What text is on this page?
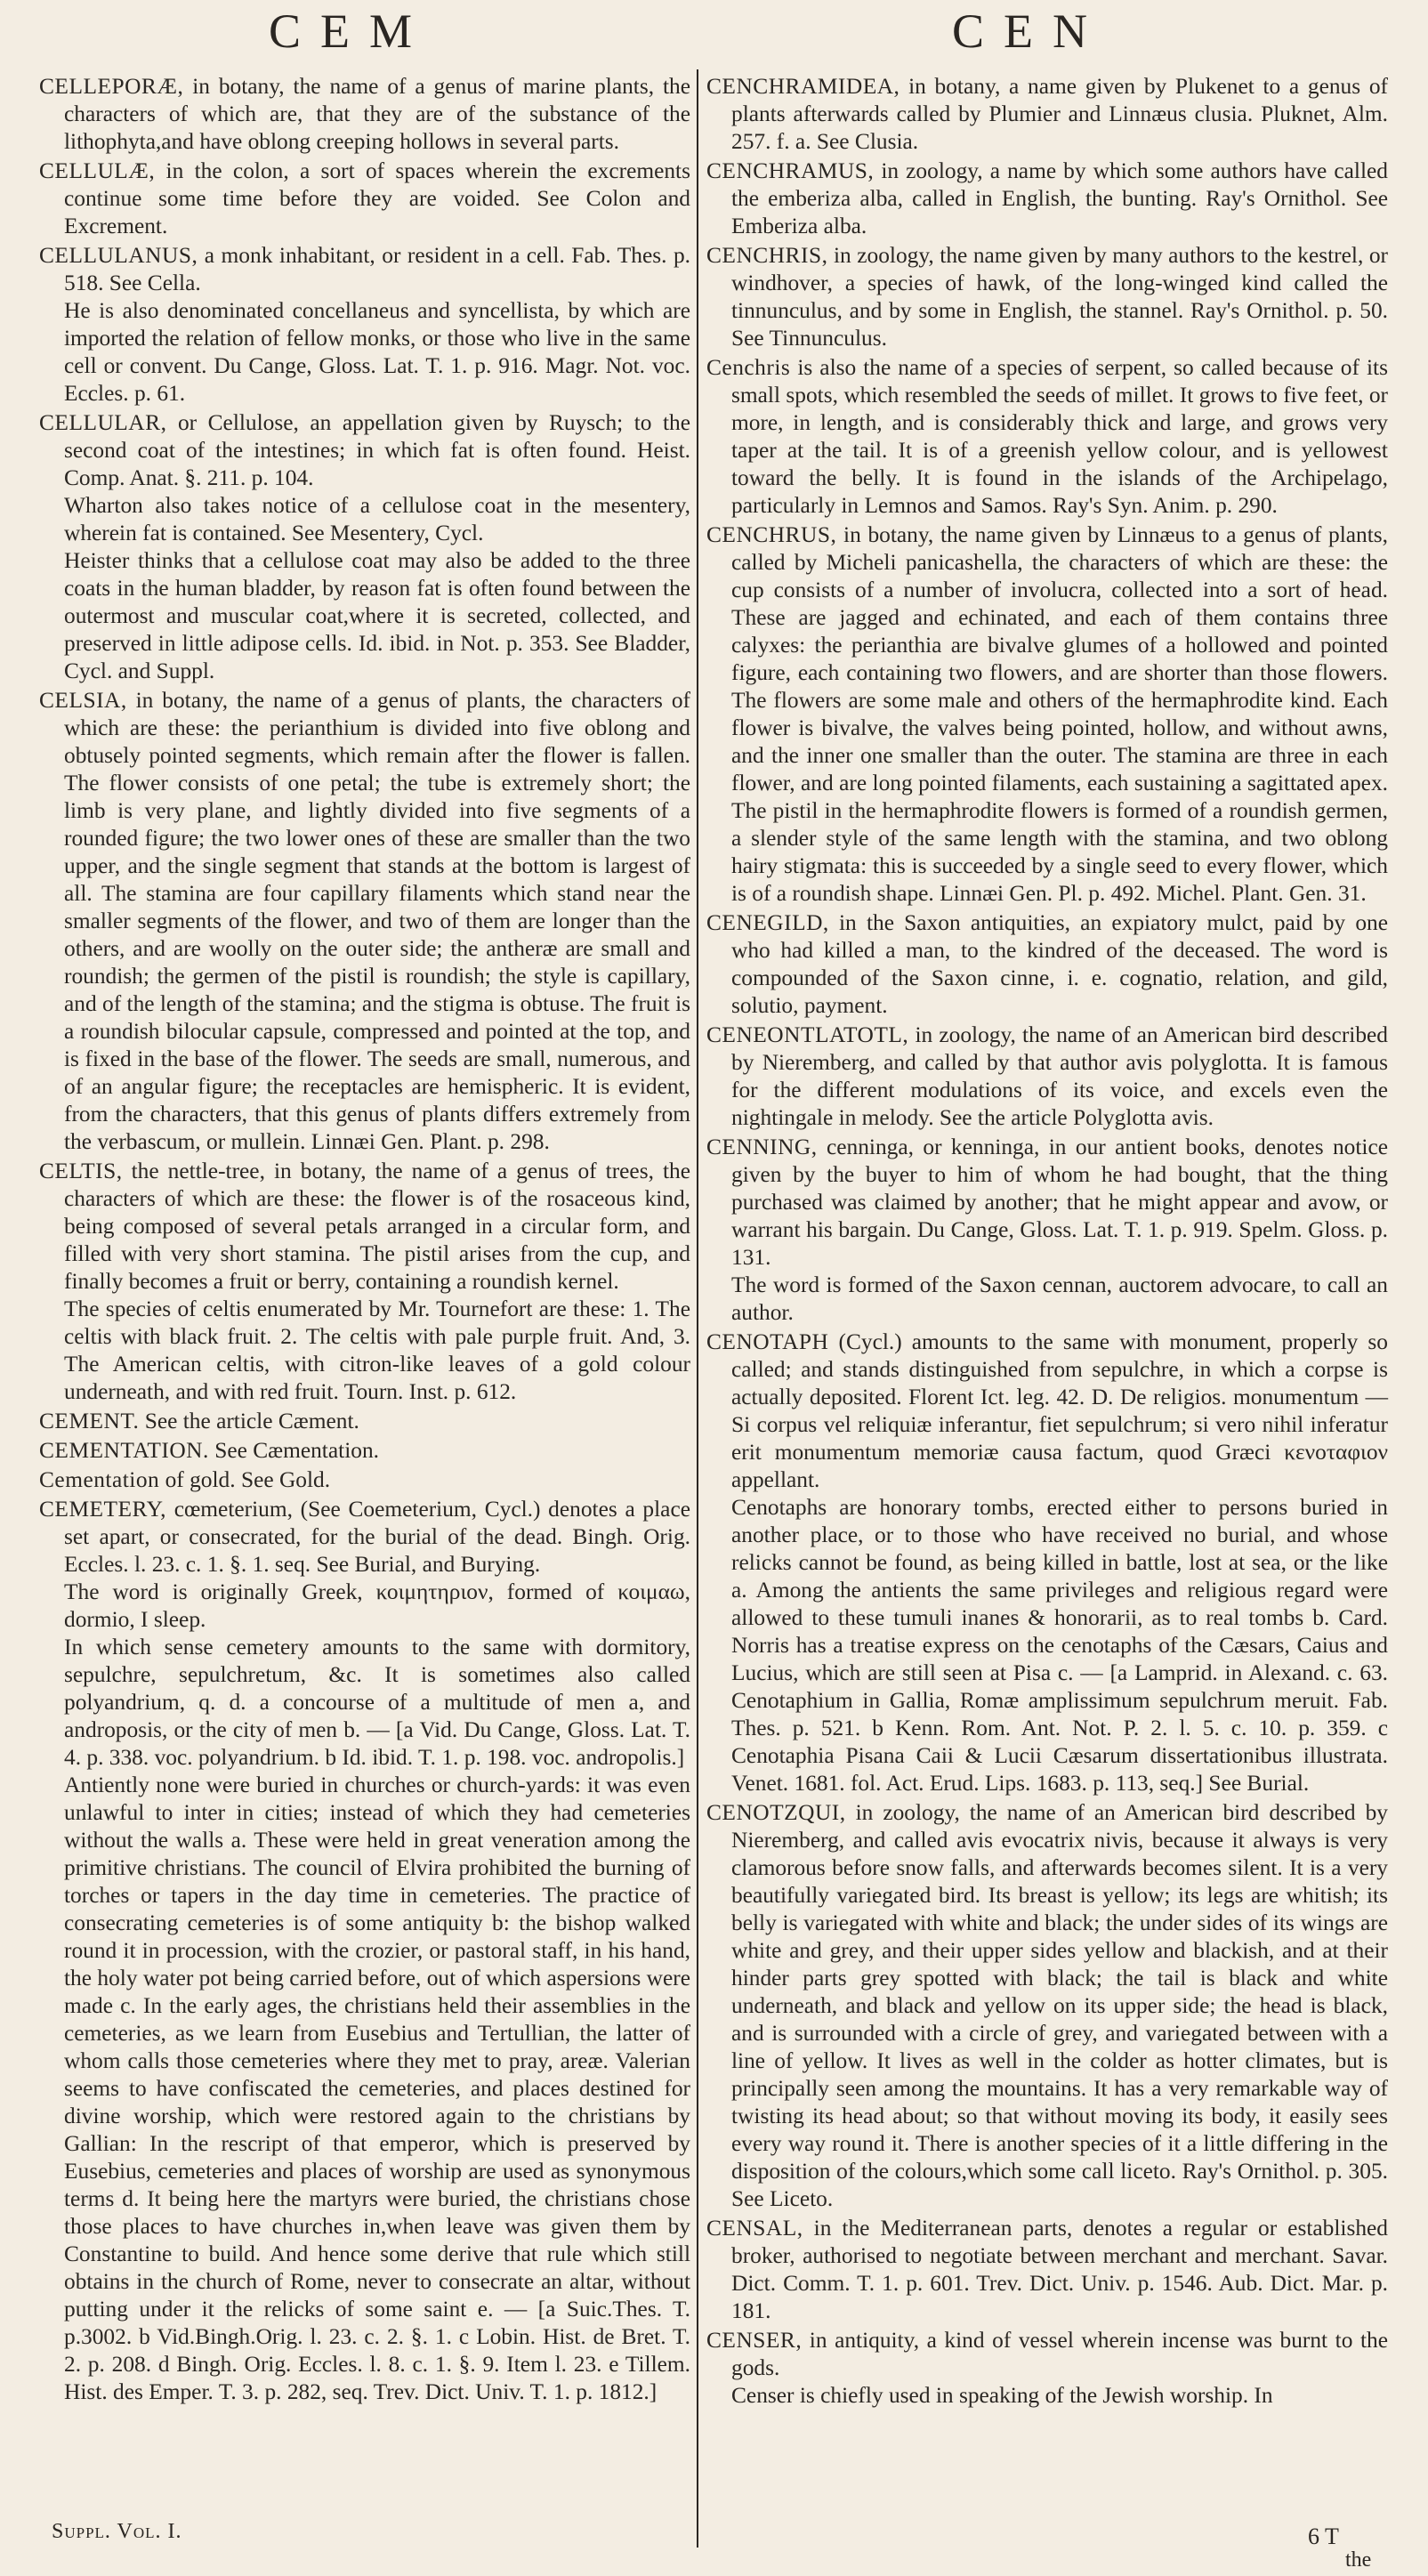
CEM	CEN

CELLEPORÆ, in botany, the name of a genus of marine plants, the characters of which are, that they are of the substance of the lithophyta,and have oblong creeping hollows in several parts.

CELLULÆ, in the colon, a sort of spaces wherein the excrements continue some time before they are voided. See Colon and Excrement.

CELLULANUS, a monk inhabitant, or resident in a cell. Fab. Thes. p. 518. See Cella.

He is also denominated concellaneus and syncellista, by which are imported the relation of fellow monks, or those who live in the same cell or convent. Du Cange, Gloss. Lat. T. 1. p. 916. Magr. Not. voc. Eccles. p. 61.

CELLULAR, or Cellulose, an appellation given by Ruysch; to the second coat of the intestines; in which fat is often found. Heist. Comp. Anat. §. 211. p. 104.

Wharton also takes notice of a cellulose coat in the mesentery, wherein fat is contained. See Mesentery, Cycl.

Heister thinks that a cellulose coat may also be added to the three coats in the human bladder, by reason fat is often found between the outermost and muscular coat,where it is secreted, collected, and preserved in little adipose cells. Id. ibid. in Not. p. 353. See Bladder, Cycl. and Suppl.

CELSIA, in botany, the name of a genus of plants, the characters of which are these: the perianthium is divided into five oblong and obtusely pointed segments, which remain after the flower is fallen. The flower consists of one petal; the tube is extremely short; the limb is very plane, and lightly divided into five segments of a rounded figure; the two lower ones of these are smaller than the two upper, and the single segment that stands at the bottom is largest of all. The stamina are four capillary filaments which stand near the smaller segments of the flower, and two of them are longer than the others, and are woolly on the outer side; the antheræ are small and roundish; the germen of the pistil is roundish; the style is capillary, and of the length of the stamina; and the stigma is obtuse. The fruit is a roundish bilocular capsule, compressed and pointed at the top, and is fixed in the base of the flower. The seeds are small, numerous, and of an angular figure; the receptacles are hemispheric. It is evident, from the characters, that this genus of plants differs extremely from the verbascum, or mullein. Linnæi Gen. Plant. p. 298.

CELTIS, the nettle-tree, in botany, the name of a genus of trees, the characters of which are these: the flower is of the rosaceous kind, being composed of several petals arranged in a circular form, and filled with very short stamina. The pistil arises from the cup, and finally becomes a fruit or berry, containing a roundish kernel.

The species of celtis enumerated by Mr. Tournefort are these: 1. The celtis with black fruit. 2. The celtis with pale purple fruit. And, 3. The American celtis, with citron-like leaves of a gold colour underneath, and with red fruit. Tourn. Inst. p. 612.

CEMENT. See the article Cæment.

CEMENTATION. See Cæmentation.

Cementation of gold. See Gold.

CEMETERY, cœmeterium, (See Coemeterium, Cycl.) denotes a place set apart, or consecrated, for the burial of the dead. Bingh. Orig. Eccles. l. 23. c. 1. §. 1. seq. See Burial, and Burying.

The word is originally Greek, κοιμητηριον, formed of κοιμαω, dormio, I sleep.

In which sense cemetery amounts to the same with dormitory, sepulchre, sepulchretum, &c. It is sometimes also called polyandrium, q. d. a concourse of a multitude of men a, and androposis, or the city of men b. — [a Vid. Du Cange, Gloss. Lat. T. 4. p. 338. voc. polyandrium. b Id. ibid. T. 1. p. 198. voc. andropolis.]

Antiently none were buried in churches or church-yards: it was even unlawful to inter in cities; instead of which they had cemeteries without the walls a. These were held in great veneration among the primitive christians. The council of Elvira prohibited the burning of torches or tapers in the day time in cemeteries. The practice of consecrating cemeteries is of some antiquity b: the bishop walked round it in procession, with the crozier, or pastoral staff, in his hand, the holy water pot being carried before, out of which aspersions were made c. In the early ages, the christians held their assemblies in the cemeteries, as we learn from Eusebius and Tertullian, the latter of whom calls those cemeteries where they met to pray, areæ. Valerian seems to have confiscated the cemeteries, and places destined for divine worship, which were restored again to the christians by Gallian: In the rescript of that emperor, which is preserved by Eusebius, cemeteries and places of worship are used as synonymous terms d. It being here the martyrs were buried, the christians chose those places to have churches in,when leave was given them by Constantine to build. And hence some derive that rule which still obtains in the church of Rome, never to consecrate an altar, without putting under it the relicks of some saint e. — [a Suic.Thes. T. p.3002. b Vid.Bingh.Orig. l. 23. c. 2. §. 1. c Lobin. Hist. de Bret. T. 2. p. 208. d Bingh. Orig. Eccles. l. 8. c. 1. §. 9. Item l. 23. e Tillem. Hist. des Emper. T. 3. p. 282, seq. Trev. Dict. Univ. T. 1. p. 1812.]

CENCHRAMIDEA, in botany, a name given by Plukenet to a genus of plants afterwards called by Plumier and Linnæus clusia. Pluknet, Alm. 257. f. a. See Clusia.

CENCHRAMUS, in zoology, a name by which some authors have called the emberiza alba, called in English, the bunting. Ray's Ornithol. See Emberiza alba.

CENCHRIS, in zoology, the name given by many authors to the kestrel, or windhover, a species of hawk, of the long-winged kind called the tinnunculus, and by some in English, the stannel. Ray's Ornithol. p. 50. See Tinnunculus.

Cenchris is also the name of a species of serpent, so called because of its small spots, which resembled the seeds of millet. It grows to five feet, or more, in length, and is considerably thick and large, and grows very taper at the tail. It is of a greenish yellow colour, and is yellowest toward the belly. It is found in the islands of the Archipelago, particularly in Lemnos and Samos. Ray's Syn. Anim. p. 290.

CENCHRUS, in botany, the name given by Linnæus to a genus of plants, called by Micheli panicashella, the characters of which are these: the cup consists of a number of involucra, collected into a sort of head. These are jagged and echinated, and each of them contains three calyxes: the perianthia are bivalve glumes of a hollowed and pointed figure, each containing two flowers, and are shorter than those flowers. The flowers are some male and others of the hermaphrodite kind. Each flower is bivalve, the valves being pointed, hollow, and without awns, and the inner one smaller than the outer. The stamina are three in each flower, and are long pointed filaments, each sustaining a sagittated apex. The pistil in the hermaphrodite flowers is formed of a roundish germen, a slender style of the same length with the stamina, and two oblong hairy stigmata: this is succeeded by a single seed to every flower, which is of a roundish shape. Linnæi Gen. Pl. p. 492. Michel. Plant. Gen. 31.

CENEGILD, in the Saxon antiquities, an expiatory mulct, paid by one who had killed a man, to the kindred of the deceased. The word is compounded of the Saxon cinne, i. e. cognatio, relation, and gild, solutio, payment.

CENEONTLATOTL, in zoology, the name of an American bird described by Nieremberg, and called by that author avis polyglotta. It is famous for the different modulations of its voice, and excels even the nightingale in melody. See the article Polyglotta avis.

CENNING, cenninga, or kenninga, in our antient books, denotes notice given by the buyer to him of whom he had bought, that the thing purchased was claimed by another; that he might appear and avow, or warrant his bargain. Du Cange, Gloss. Lat. T. 1. p. 919. Spelm. Gloss. p. 131.

The word is formed of the Saxon cennan, auctorem advocare, to call an author.

CENOTAPH (Cycl.) amounts to the same with monument, properly so called; and stands distinguished from sepulchre, in which a corpse is actually deposited. Florent Ict. leg. 42. D. De religios. monumentum — Si corpus vel reliquiæ inferantur, fiet sepulchrum; si vero nihil inferatur erit monumentum memoriæ causa factum, quod Græci κενοταφιον appellant.

Cenotaphs are honorary tombs, erected either to persons buried in another place, or to those who have received no burial, and whose relicks cannot be found, as being killed in battle, lost at sea, or the like a. Among the antients the same privileges and religious regard were allowed to these tumuli inanes & honorarii, as to real tombs b. Card. Norris has a treatise express on the cenotaphs of the Cæsars, Caius and Lucius, which are still seen at Pisa c. — [a Lamprid. in Alexand. c. 63. Cenotaphium in Gallia, Romæ amplissimum sepulchrum meruit. Fab. Thes. p. 521. b Kenn. Rom. Ant. Not. P. 2. l. 5. c. 10. p. 359. c Cenotaphia Pisana Caii & Lucii Cæsarum dissertationibus illustrata. Venet. 1681. fol. Act. Erud. Lips. 1683. p. 113, seq.] See Burial.

CENOTZQUI, in zoology, the name of an American bird described by Nieremberg, and called avis evocatrix nivis, because it always is very clamorous before snow falls, and afterwards becomes silent. It is a very beautifully variegated bird. Its breast is yellow; its legs are whitish; its belly is variegated with white and black; the under sides of its wings are white and grey, and their upper sides yellow and blackish, and at their hinder parts grey spotted with black; the tail is black and white underneath, and black and yellow on its upper side; the head is black, and is surrounded with a circle of grey, and variegated between with a line of yellow. It lives as well in the colder as hotter climates, but is principally seen among the mountains. It has a very remarkable way of twisting its head about; so that without moving its body, it easily sees every way round it. There is another species of it a little differing in the disposition of the colours,which some call liceto. Ray's Ornithol. p. 305. See Liceto.

CENSAL, in the Mediterranean parts, denotes a regular or established broker, authorised to negotiate between merchant and merchant. Savar. Dict. Comm. T. 1. p. 601. Trev. Dict. Univ. p. 1546. Aub. Dict. Mar. p. 181.

CENSER, in antiquity, a kind of vessel wherein incense was burnt to the gods.

Censer is chiefly used in speaking of the Jewish worship. In

Suppl. Vol. I.	6 T
the
